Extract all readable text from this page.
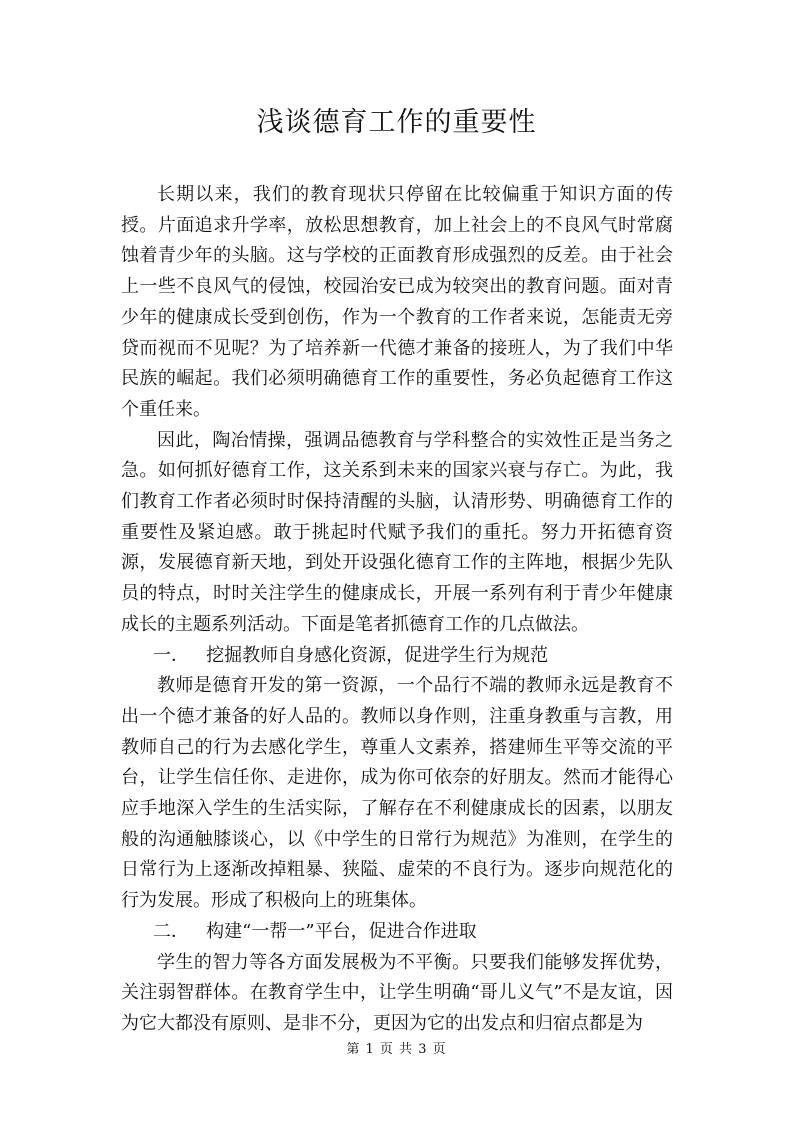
浅谈德育工作的重要性

长期以来，我们的教育现状只停留在比较偏重于知识方面的传授。片面追求升学率，放松思想教育，加上社会上的不良风气时常腐蚀着青少年的头脑。这与学校的正面教育形成强烈的反差。由于社会上一些不良风气的侵蚀，校园治安已成为较突出的教育问题。面对青少年的健康成长受到创伤，作为一个教育的工作者来说，怎能责无旁贷而视而不见呢？为了培养新一代德才兼备的接班人，为了我们中华民族的崛起。我们必须明确德育工作的重要性，务必负起德育工作这个重任来。

因此，陶冶情操，强调品德教育与学科整合的实效性正是当务之急。如何抓好德育工作，这关系到未来的国家兴衰与存亡。为此，我们教育工作者必须时时保持清醒的头脑，认清形势、明确德育工作的重要性及紧迫感。敢于挑起时代赋予我们的重托。努力开拓德育资源，发展德育新天地，到处开设强化德育工作的主阵地，根据少先队员的特点，时时关注学生的健康成长，开展一系列有利于青少年健康成长的主题系列活动。下面是笔者抓德育工作的几点做法。

一．   挖掘教师自身感化资源，促进学生行为规范

教师是德育开发的第一资源，一个品行不端的教师永远是教育不出一个德才兼备的好人品的。教师以身作则，注重身教重与言教，用教师自己的行为去感化学生，尊重人文素养，搭建师生平等交流的平台，让学生信任你、走进你，成为你可依奈的好朋友。然而才能得心应手地深入学生的生活实际，了解存在不利健康成长的因素，以朋友般的沟通触膝谈心，以《中学生的日常行为规范》为准则，在学生的日常行为上逐渐改掉粗暴、狭隘、虚荣的不良行为。逐步向规范化的行为发展。形成了积极向上的班集体。

二．   构建“一帮一”平台，促进合作进取

学生的智力等各方面发展极为不平衡。只要我们能够发挥优势，关注弱智群体。在教育学生中，让学生明确“哥儿义气”不是友谊，因为它大都没有原则、是非不分，更因为它的出发点和归宿点都是为

第 1 页 共 3 页
